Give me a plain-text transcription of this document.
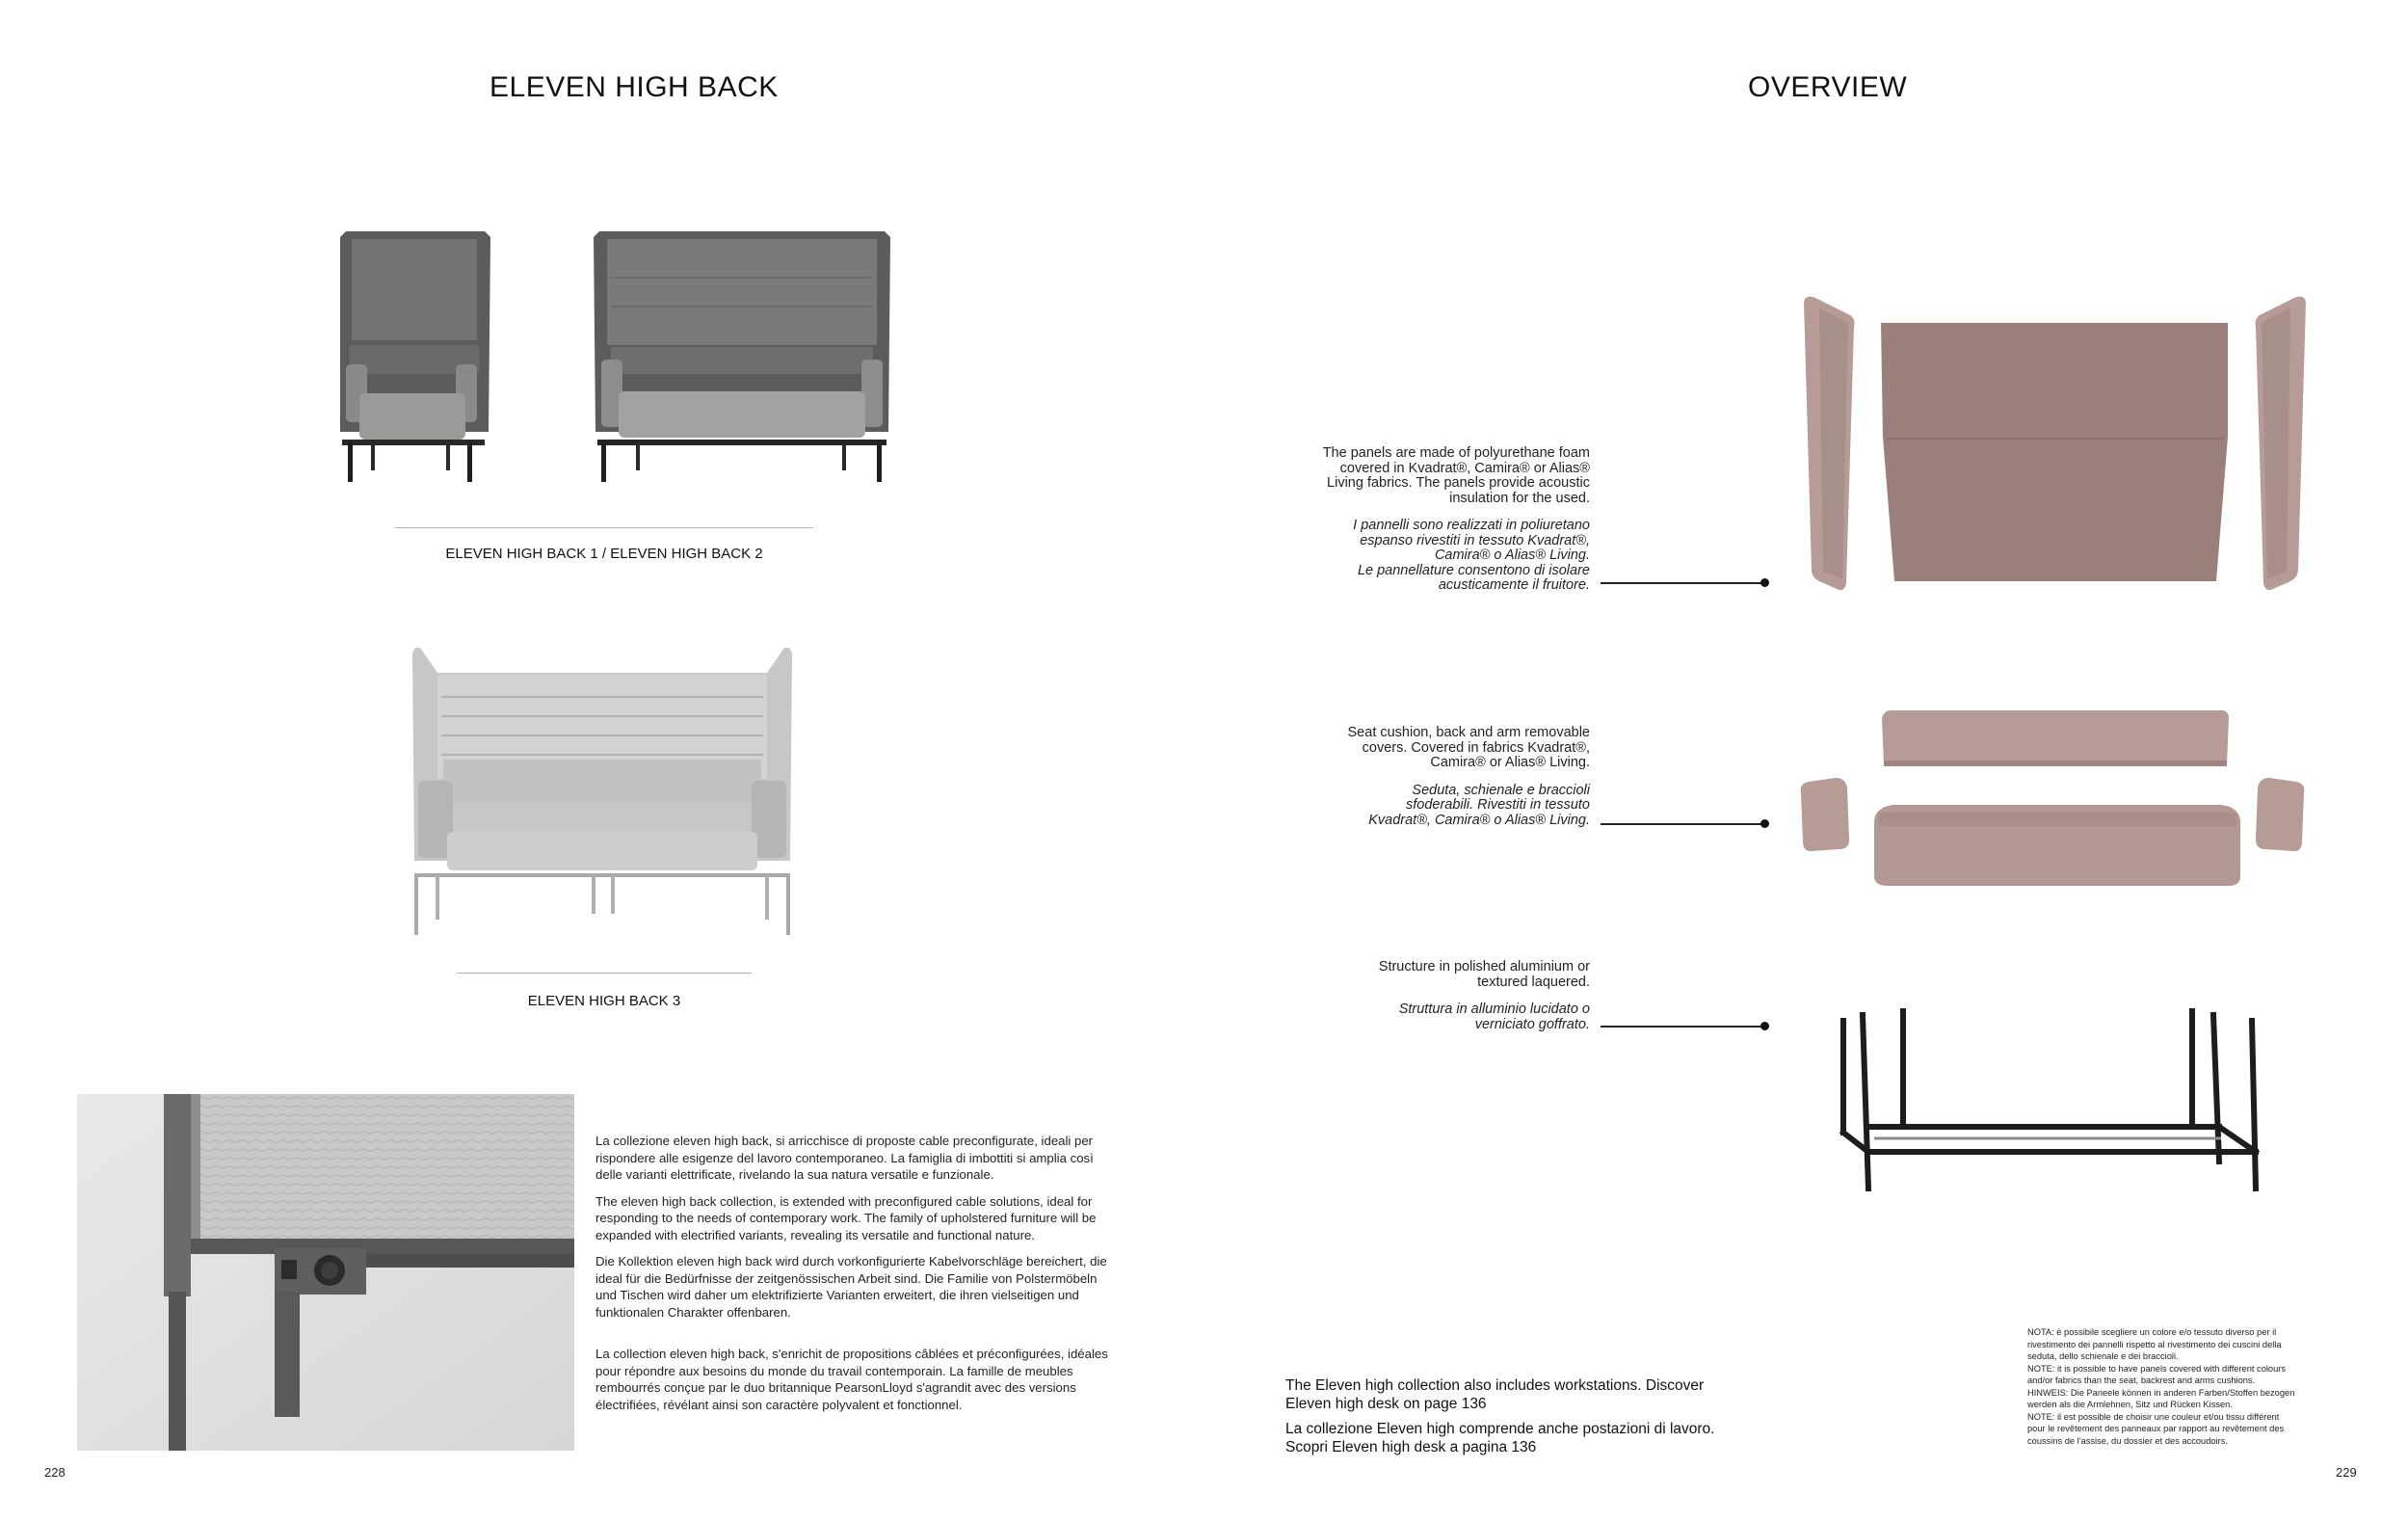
ELEVEN HIGH BACK
ELEVEN HIGH BACK 1 / ELEVEN HIGH BACK 2
ELEVEN HIGH BACK 3

La collezione eleven high back, si arricchisce di proposte cable preconfigurate, ideali per rispondere alle esigenze del lavoro contemporaneo. La famiglia di imbottiti si amplia così delle varianti elettrificate, rivelando la sua natura versatile e funzionale.

The eleven high back collection, is extended with preconfigured cable solutions, ideal for responding to the needs of contemporary work. The family of upholstered furniture will be expanded with electrified variants, revealing its versatile and functional nature.

Die Kollektion eleven high back wird durch vorkonfigurierte Kabelvorschläge bereichert, die ideal für die Bedürfnisse der zeitgenössischen Arbeit sind. Die Familie von Polstermöbeln und Tischen wird daher um elektrifizierte Varianten erweitert, die ihren vielseitigen und funktionalen Charakter offenbaren.

La collection eleven high back, s'enrichit de propositions câblées et préconfigurées, idéales pour répondre aux besoins du monde du travail contemporain. La famille de meubles rembourrés conçue par le duo britannique PearsonLloyd s'agrandit avec des versions électrifiées, révélant ainsi son caractère polyvalent et fonctionnel.

228
OVERVIEW

The panels are made of polyurethane foam

covered in Kvadrat®, Camira® or Alias®

Living fabrics. The panels provide acoustic

insulation for the used.

I pannelli sono realizzati in poliuretano

espanso rivestiti in tessuto Kvadrat®,

Camira® o Alias® Living.

Le pannellature consentono di isolare

acusticamente il fruitore.

Seat cushion, back and arm removable

covers. Covered in fabrics Kvadrat®,

Camira® or Alias® Living.

Seduta, schienale e braccioli

sfoderabili. Rivestiti in tessuto

Kvadrat®, Camira® o Alias® Living.

Structure in polished aluminium or

textured laquered.

Struttura in alluminio lucidato o

verniciato goffrato.

The Eleven high collection also includes workstations. Discover
Eleven high desk on page 136
La collezione Eleven high comprende anche postazioni di lavoro.
Scopri Eleven high desk a pagina 136
NOTA: è possibile scegliere un colore e/o tessuto diverso per il
rivestimento dei pannelli rispetto al rivestimento dei cuscini della
seduta, dello schienale e dei braccioli.
NOTE: it is possible to have panels covered with different colours
and/or fabrics than the seat, backrest and arms cushions.
HINWEIS: Die Paneele können in anderen Farben/Stoffen bezogen
werden als die Armlehnen, Sitz und Rücken Kissen.
NOTE: il est possible de choisir une couleur et/ou tissu différent
pour le revêtement des panneaux par rapport au revêtement des
coussins de l'assise, du dossier et des accoudoirs.
229
